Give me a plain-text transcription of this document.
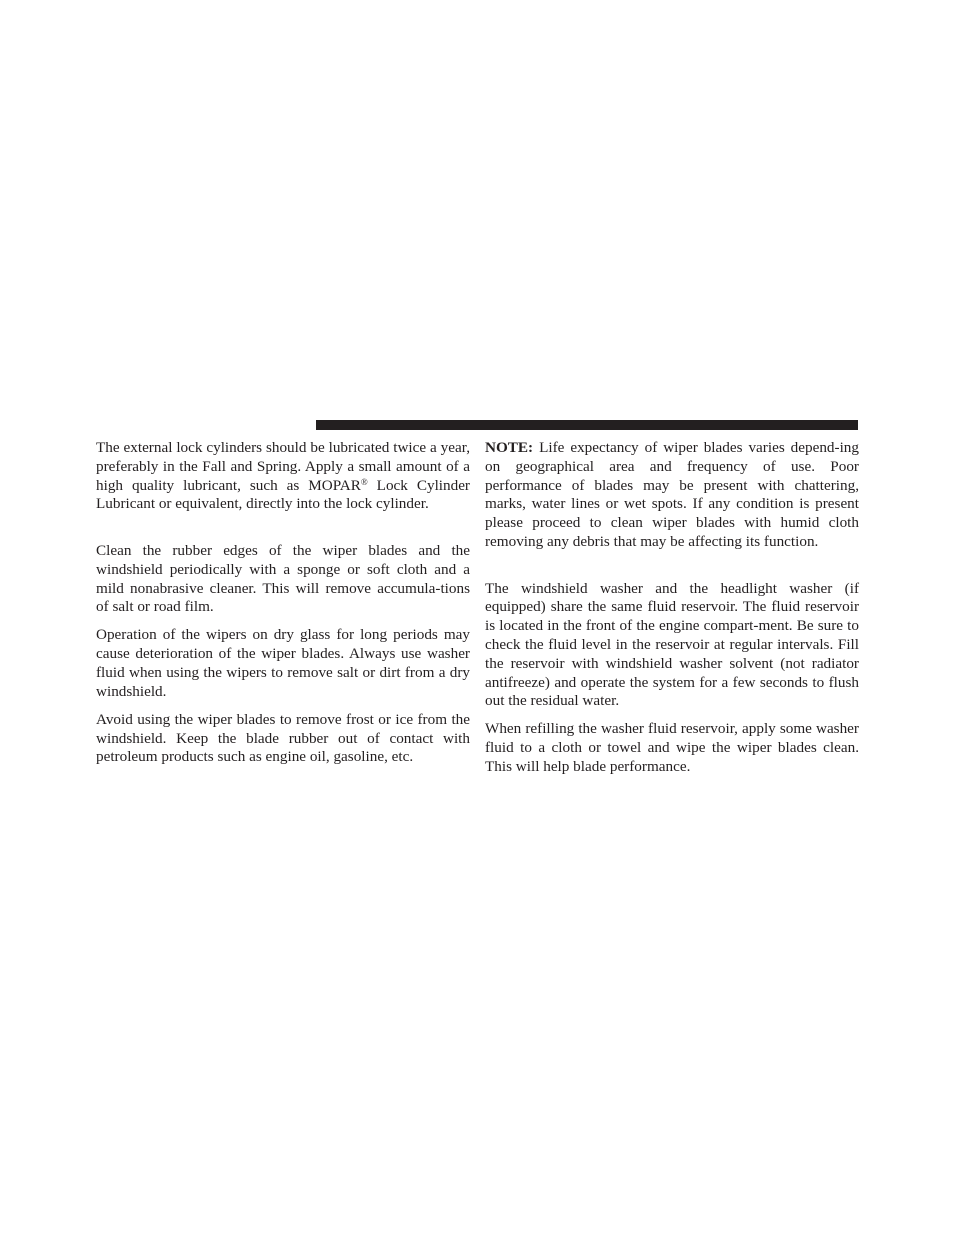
The external lock cylinders should be lubricated twice a year, preferably in the Fall and Spring. Apply a small amount of a high quality lubricant, such as MOPAR® Lock Cylinder Lubricant or equivalent, directly into the lock cylinder.

Clean the rubber edges of the wiper blades and the windshield periodically with a sponge or soft cloth and a mild nonabrasive cleaner. This will remove accumula-tions of salt or road film.

Operation of the wipers on dry glass for long periods may cause deterioration of the wiper blades. Always use washer fluid when using the wipers to remove salt or dirt from a dry windshield.

Avoid using the wiper blades to remove frost or ice from the windshield. Keep the blade rubber out of contact with petroleum products such as engine oil, gasoline, etc.

NOTE: Life expectancy of wiper blades varies depend-ing on geographical area and frequency of use. Poor performance of blades may be present with chattering, marks, water lines or wet spots. If any condition is present please proceed to clean wiper blades with humid cloth removing any debris that may be affecting its function.

The windshield washer and the headlight washer (if equipped) share the same fluid reservoir. The fluid reservoir is located in the front of the engine compart-ment. Be sure to check the fluid level in the reservoir at regular intervals. Fill the reservoir with windshield washer solvent (not radiator antifreeze) and operate the system for a few seconds to flush out the residual water.

When refilling the washer fluid reservoir, apply some washer fluid to a cloth or towel and wipe the wiper blades clean. This will help blade performance.
